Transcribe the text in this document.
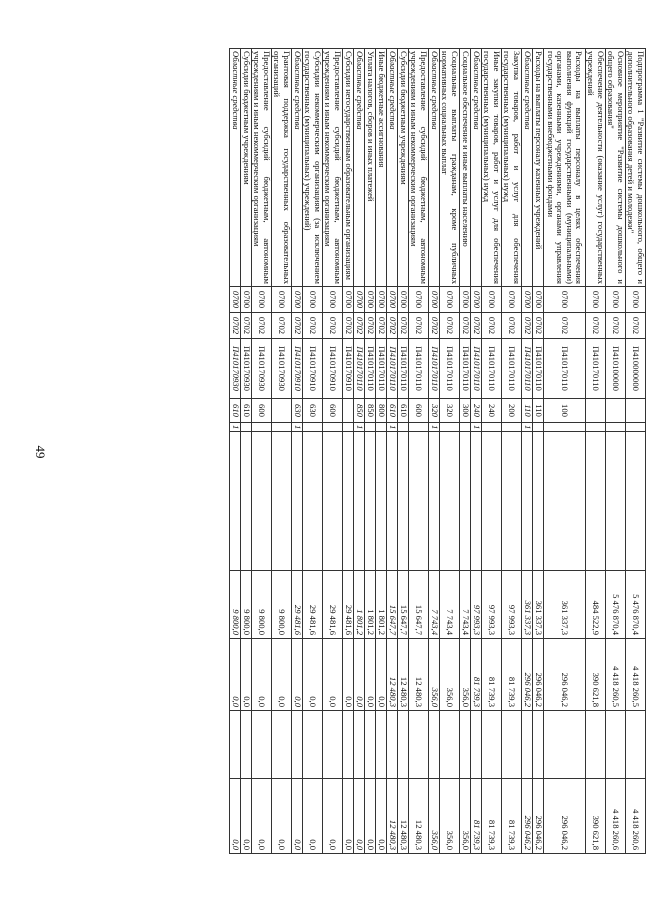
49
Подпрограмма 1 "Развитие системы дошкольного, общего и дополнительного образования детей и молодежи"	0700	0702	П410000000				5 476 870,4	4 418 260,5		4 418 260,6
Основное мероприятие "Развитие системы дошкольного и общего образования"	0700	0702	П410100000				5 476 870,4	4 418 260,5		4 418 260,6
Обеспечение деятельности (оказание услуг) государственных учреждений	0700	0702	П410170110				484 522,9	390 621,8		390 621,8
Расходы на выплаты персоналу в целях обеспечения выполнения функций государственными (муниципальными) органами, казенными учреждениями, органами управления государственными внебюджетными фондами	0700	0702	П410170110	100			361 337,3	296 046,2		296 046,2
Расходы на выплаты персоналу казенных учреждений	0700	0702	П410170110	110			361 337,3	296 046,2		296 046,2
Областные средства	0700	0702	П410170110	110	1		361 337,3	296 046,2		296 046,2
Закупка товаров, работ и услуг для обеспечения государственных (муниципальных) нужд	0700	0702	П410170110	200			97 993,3	81 739,3		81 739,3
Иные закупки товаров, работ и услуг для обеспечения государственных (муниципальных) нужд	0700	0702	П410170110	240			97 993,3	81 739,3		81 739,3
Областные средства	0700	0702	П410170110	240	1		97 993,3	81 739,3		81 739,3
Социальное обеспечение и иные выплаты населению	0700	0702	П410170110	300			7 743,4	356,0		356,0
Социальные выплаты гражданам, кроме публичных нормативных социальных выплат	0700	0702	П410170110	320			7 743,4	356,0		356,0
Областные средства	0700	0702	П410170110	320	1		7 743,4	356,0		356,0
Предоставление субсидий бюджетным, автономным учреждениям и иным некоммерческим организациям	0700	0702	П410170110	600			15 647,7	12 480,3		12 480,3
Субсидии бюджетным учреждениям	0700	0702	П410170110	610			15 647,7	12 480,3		12 480,3
Областные средства	0700	0702	П410170110	610	1		15 647,7	12 480,3		12 480,3
Иные бюджетные ассигнования	0700	0702	П410170110	800			1 801,2	0,0		0,0
Уплата налогов, сборов и иных платежей	0700	0702	П410170110	850			1 801,2	0,0		0,0
Областные средства	0700	0702	П410170110	850	1		1 801,2	0,0		0,0
Субсидии негосударственным образовательным организациям	0700	0702	П410170910				29 481,6	0,0		0,0
Предоставление субсидий бюджетным, автономным учреждениям и иным некоммерческим организациям	0700	0702	П410170910	600			29 481,6	0,0		0,0
Субсидии некоммерческим организациям (за исключением государственных (муниципальных) учреждений)	0700	0702	П410170910	630			29 481,6	0,0		0,0
Областные средства	0700	0702	П410170910	630	1		29 481,6	0,0		0,0
Грантовая поддержка государственных образовательных организаций	0700	0702	П410170930				9 800,0	0,0		0,0
Предоставление субсидий бюджетным, автономным учреждениям и иным некоммерческим организациям	0700	0702	П410170930	600			9 800,0	0,0		0,0
Субсидии бюджетным учреждениям	0700	0702	П410170930	610			9 800,0	0,0		0,0
Областные средства	0700	0702	П410170930	610	1		9 800,0	0,0		0,0
